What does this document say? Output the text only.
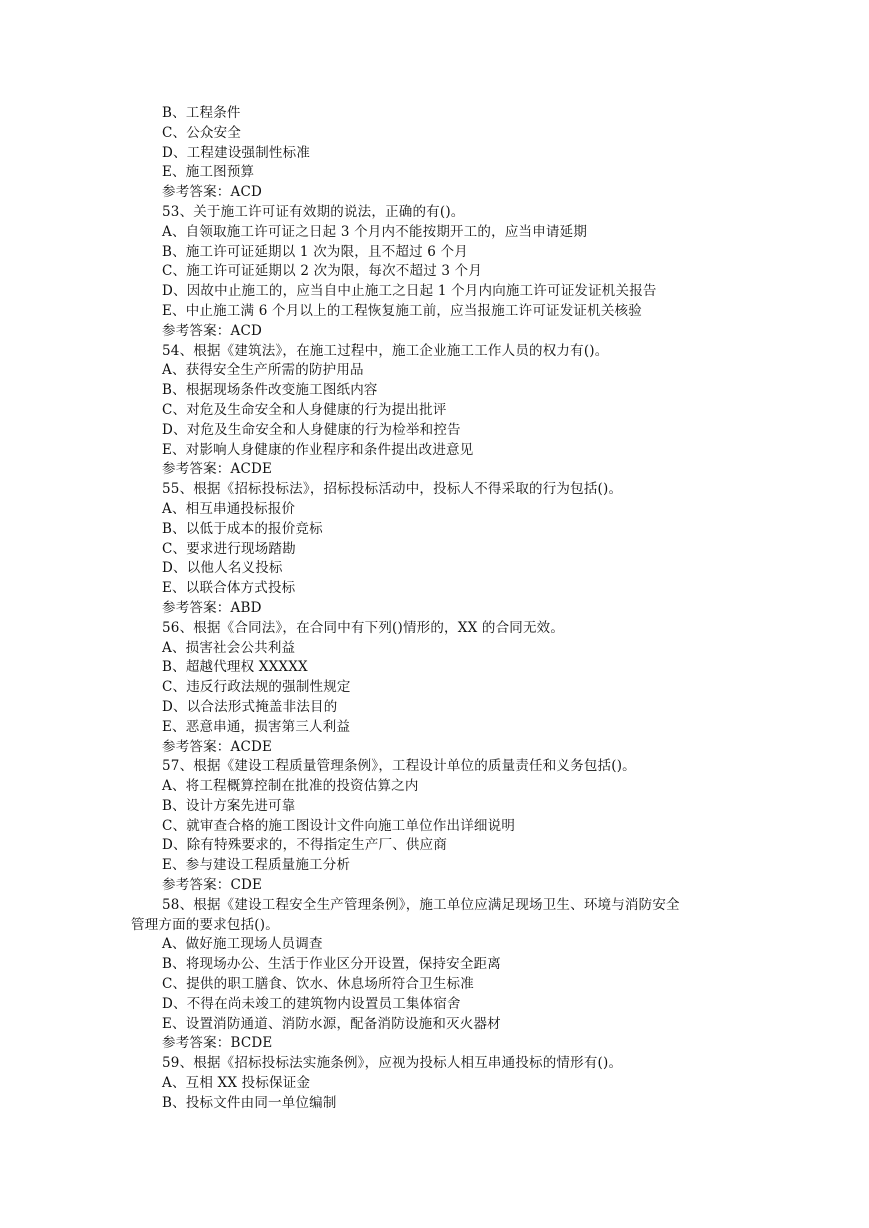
B、工程条件
C、公众安全
D、工程建设强制性标准
E、施工图预算
参考答案：ACD
53、关于施工许可证有效期的说法，正确的有()。
A、自领取施工许可证之日起 3 个月内不能按期开工的，应当申请延期
B、施工许可证延期以 1 次为限，且不超过 6 个月
C、施工许可证延期以 2 次为限，每次不超过 3 个月
D、因故中止施工的，应当自中止施工之日起 1 个月内向施工许可证发证机关报告
E、中止施工满 6 个月以上的工程恢复施工前，应当报施工许可证发证机关核验
参考答案：ACD
54、根据《建筑法》，在施工过程中，施工企业施工工作人员的权力有()。
A、获得安全生产所需的防护用品
B、根据现场条件改变施工图纸内容
C、对危及生命安全和人身健康的行为提出批评
D、对危及生命安全和人身健康的行为检举和控告
E、对影响人身健康的作业程序和条件提出改进意见
参考答案：ACDE
55、根据《招标投标法》，招标投标活动中，投标人不得采取的行为包括()。
A、相互串通投标报价
B、以低于成本的报价竞标
C、要求进行现场踏勘
D、以他人名义投标
E、以联合体方式投标
参考答案：ABD
56、根据《合同法》，在合同中有下列()情形的，XX 的合同无效。
A、损害社会公共利益
B、超越代理权 XXXXX
C、违反行政法规的强制性规定
D、以合法形式掩盖非法目的
E、恶意串通，损害第三人利益
参考答案：ACDE
57、根据《建设工程质量管理条例》，工程设计单位的质量责任和义务包括()。
A、将工程概算控制在批准的投资估算之内
B、设计方案先进可靠
C、就审查合格的施工图设计文件向施工单位作出详细说明
D、除有特殊要求的，不得指定生产厂、供应商
E、参与建设工程质量施工分析
参考答案：CDE
58、根据《建设工程安全生产管理条例》，施工单位应满足现场卫生、环境与消防安全
管理方面的要求包括()。
A、做好施工现场人员调查
B、将现场办公、生活于作业区分开设置，保持安全距离
C、提供的职工膳食、饮水、休息场所符合卫生标准
D、不得在尚未竣工的建筑物内设置员工集体宿舍
E、设置消防通道、消防水源，配备消防设施和灭火器材
参考答案：BCDE
59、根据《招标投标法实施条例》，应视为投标人相互串通投标的情形有()。
A、互相 XX 投标保证金
B、投标文件由同一单位编制
